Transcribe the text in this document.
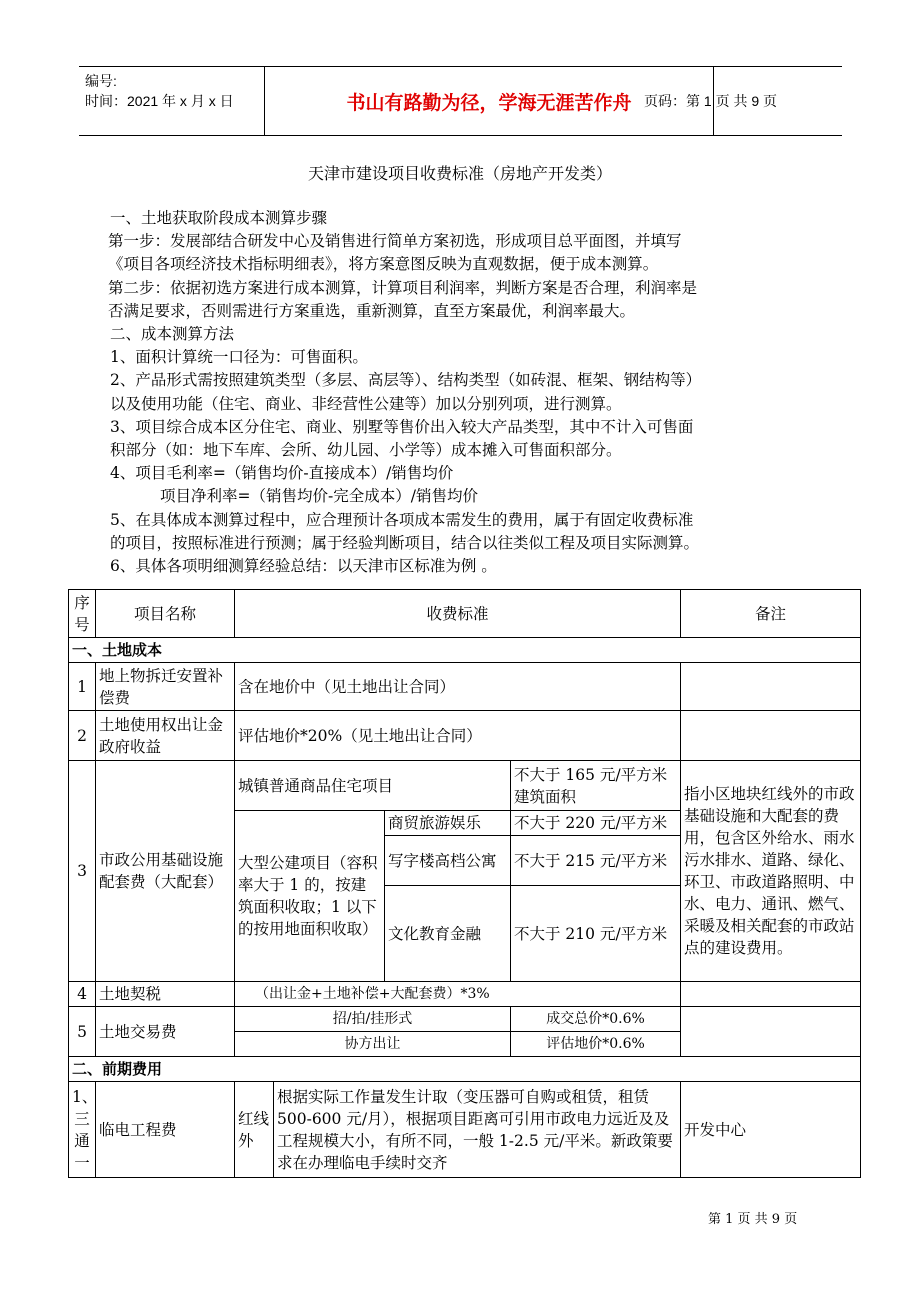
编号:
时间：2021 年 x 月 x 日	书山有路勤为径，学海无涯苦作舟 页码：第 1 页 共 9 页
天津市建设项目收费标准（房地产开发类）

一、土地获取阶段成本测算步骤

第一步：发展部结合研发中心及销售进行简单方案初选，形成项目总平面图，并填写

《项目各项经济技术指标明细表》，将方案意图反映为直观数据，便于成本测算。

第二步：依据初选方案进行成本测算，计算项目利润率，判断方案是否合理，利润率是

否满足要求，否则需进行方案重选，重新测算，直至方案最优，利润率最大。

二、成本测算方法

1、面积计算统一口径为：可售面积。

2、产品形式需按照建筑类型（多层、高层等）、结构类型（如砖混、框架、钢结构等）

以及使用功能（住宅、商业、非经营性公建等）加以分别列项，进行测算。

3、项目综合成本区分住宅、商业、别墅等售价出入较大产品类型，其中不计入可售面

积部分（如：地下车库、会所、幼儿园、小学等）成本摊入可售面积部分。

4、项目毛利率=（销售均价-直接成本）/销售均价

项目净利率=（销售均价-完全成本）/销售均价

5、在具体成本测算过程中，应合理预计各项成本需发生的费用，属于有固定收费标准

的项目，按照标准进行预测；属于经验判断项目，结合以往类似工程及项目实际测算。

6、具体各项明细测算经验总结：以天津市区标准为例 。

序号	项目名称	收费标准				备注
一、土地成本						
1	地上物拆迁安置补偿费	含在地价中（见土地出让合同）				
2	土地使用权出让金政府收益	评估地价*20%（见土地出让合同）				
3	市政公用基础设施配套费（大配套）	城镇普通商品住宅项目			不大于 165 元/平方米建筑面积	指小区地块红线外的市政基础设施和大配套的费用，包含区外给水、雨水污水排水、道路、绿化、环卫、市政道路照明、中水、电力、通讯、燃气、采暖及相关配套的市政站点的建设费用。
		大型公建项目（容积率大于 1 的，按建筑面积收取；1 以下的按用地面积收取）		商贸旅游娱乐	不大于 220 元/平方米	
				写字楼高档公寓	不大于 215 元/平方米	
				文化教育金融	不大于 210 元/平方米	
4	土地契税	（出让金+土地补偿+大配套费）*3%				
5	土地交易费	招/拍/挂形式			成交总价*0.6%	
		协方出让			评估地价*0.6%	
二、前期费用						
1、三通一	临电工程费	红线外	根据实际工作量发生计取（变压器可自购或租赁，租赁 500-600 元/月），根据项目距离可引用市政电力远近及及工程规模大小，有所不同，一般 1-2.5 元/平米。新政策要求在办理临电手续时交齐			开发中心
第 1 页 共 9 页
